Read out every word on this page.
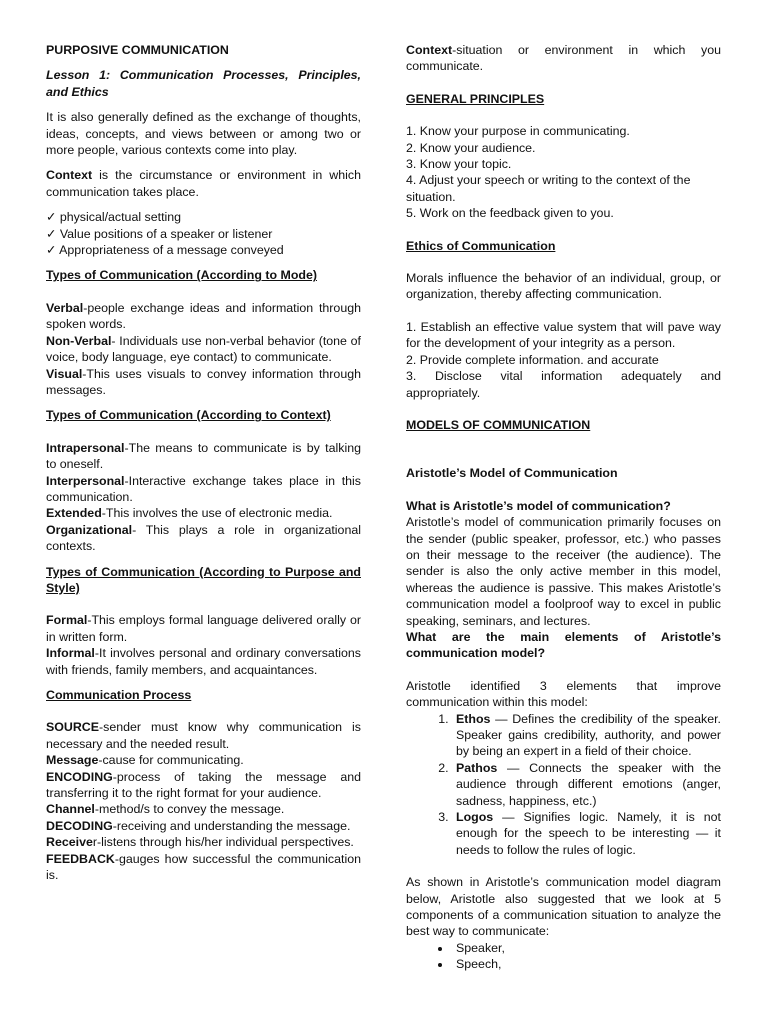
PURPOSIVE COMMUNICATION

Lesson 1: Communication Processes, Principles, and Ethics

It is also generally defined as the exchange of thoughts, ideas, concepts, and views between or among two or more people, various contexts come into play.

Context is the circumstance or environment in which communication takes place.

✓ physical/actual setting

✓ Value positions of a speaker or listener

✓ Appropriateness of a message conveyed

Types of Communication (According to Mode)

Verbal-people exchange ideas and information through spoken words.

Non-Verbal- Individuals use non-verbal behavior (tone of voice, body language, eye contact) to communicate.

Visual-This uses visuals to convey information through messages.

Types of Communication (According to Context)

Intrapersonal-The means to communicate is by talking to oneself.

Interpersonal-Interactive exchange takes place in this communication.

Extended-This involves the use of electronic media.

Organizational- This plays a role in organizational contexts.

Types of Communication (According to Purpose and Style)

Formal-This employs formal language delivered orally or in written form.

Informal-It involves personal and ordinary conversations with friends, family members, and acquaintances.

Communication Process

SOURCE-sender must know why communication is necessary and the needed result.

Message-cause for communicating.

ENCODING-process of taking the message and transferring it to the right format for your audience.

Channel-method/s to convey the message.

DECODING-receiving and understanding the message.

Receiver-listens through his/her individual perspectives.

FEEDBACK-gauges how successful the communication is.

Context-situation or environment in which you communicate.

GENERAL PRINCIPLES

1. Know your purpose in communicating.

2. Know your audience.

3. Know your topic.

4. Adjust your speech or writing to the context of the situation.

5. Work on the feedback given to you.

Ethics of Communication

Morals influence the behavior of an individual, group, or organization, thereby affecting communication.

1. Establish an effective value system that will pave way for the development of your integrity as a person.

2. Provide complete information. and accurate

3. Disclose vital information adequately and appropriately.

MODELS OF COMMUNICATION

Aristotle’s Model of Communication

What is Aristotle’s model of communication?

Aristotle’s model of communication primarily focuses on the sender (public speaker, professor, etc.) who passes on their message to the receiver (the audience). The sender is also the only active member in this model, whereas the audience is passive. This makes Aristotle’s communication model a foolproof way to excel in public speaking, seminars, and lectures.

What are the main elements of Aristotle’s communication model?

Aristotle identified 3 elements that improve communication within this model:

1. Ethos — Defines the credibility of the speaker. Speaker gains credibility, authority, and power by being an expert in a field of their choice.
2. Pathos — Connects the speaker with the audience through different emotions (anger, sadness, happiness, etc.)
3. Logos — Signifies logic. Namely, it is not enough for the speech to be interesting — it needs to follow the rules of logic.

As shown in Aristotle’s communication model diagram below, Aristotle also suggested that we look at 5 components of a communication situation to analyze the best way to communicate:

• Speaker,
• Speech,
